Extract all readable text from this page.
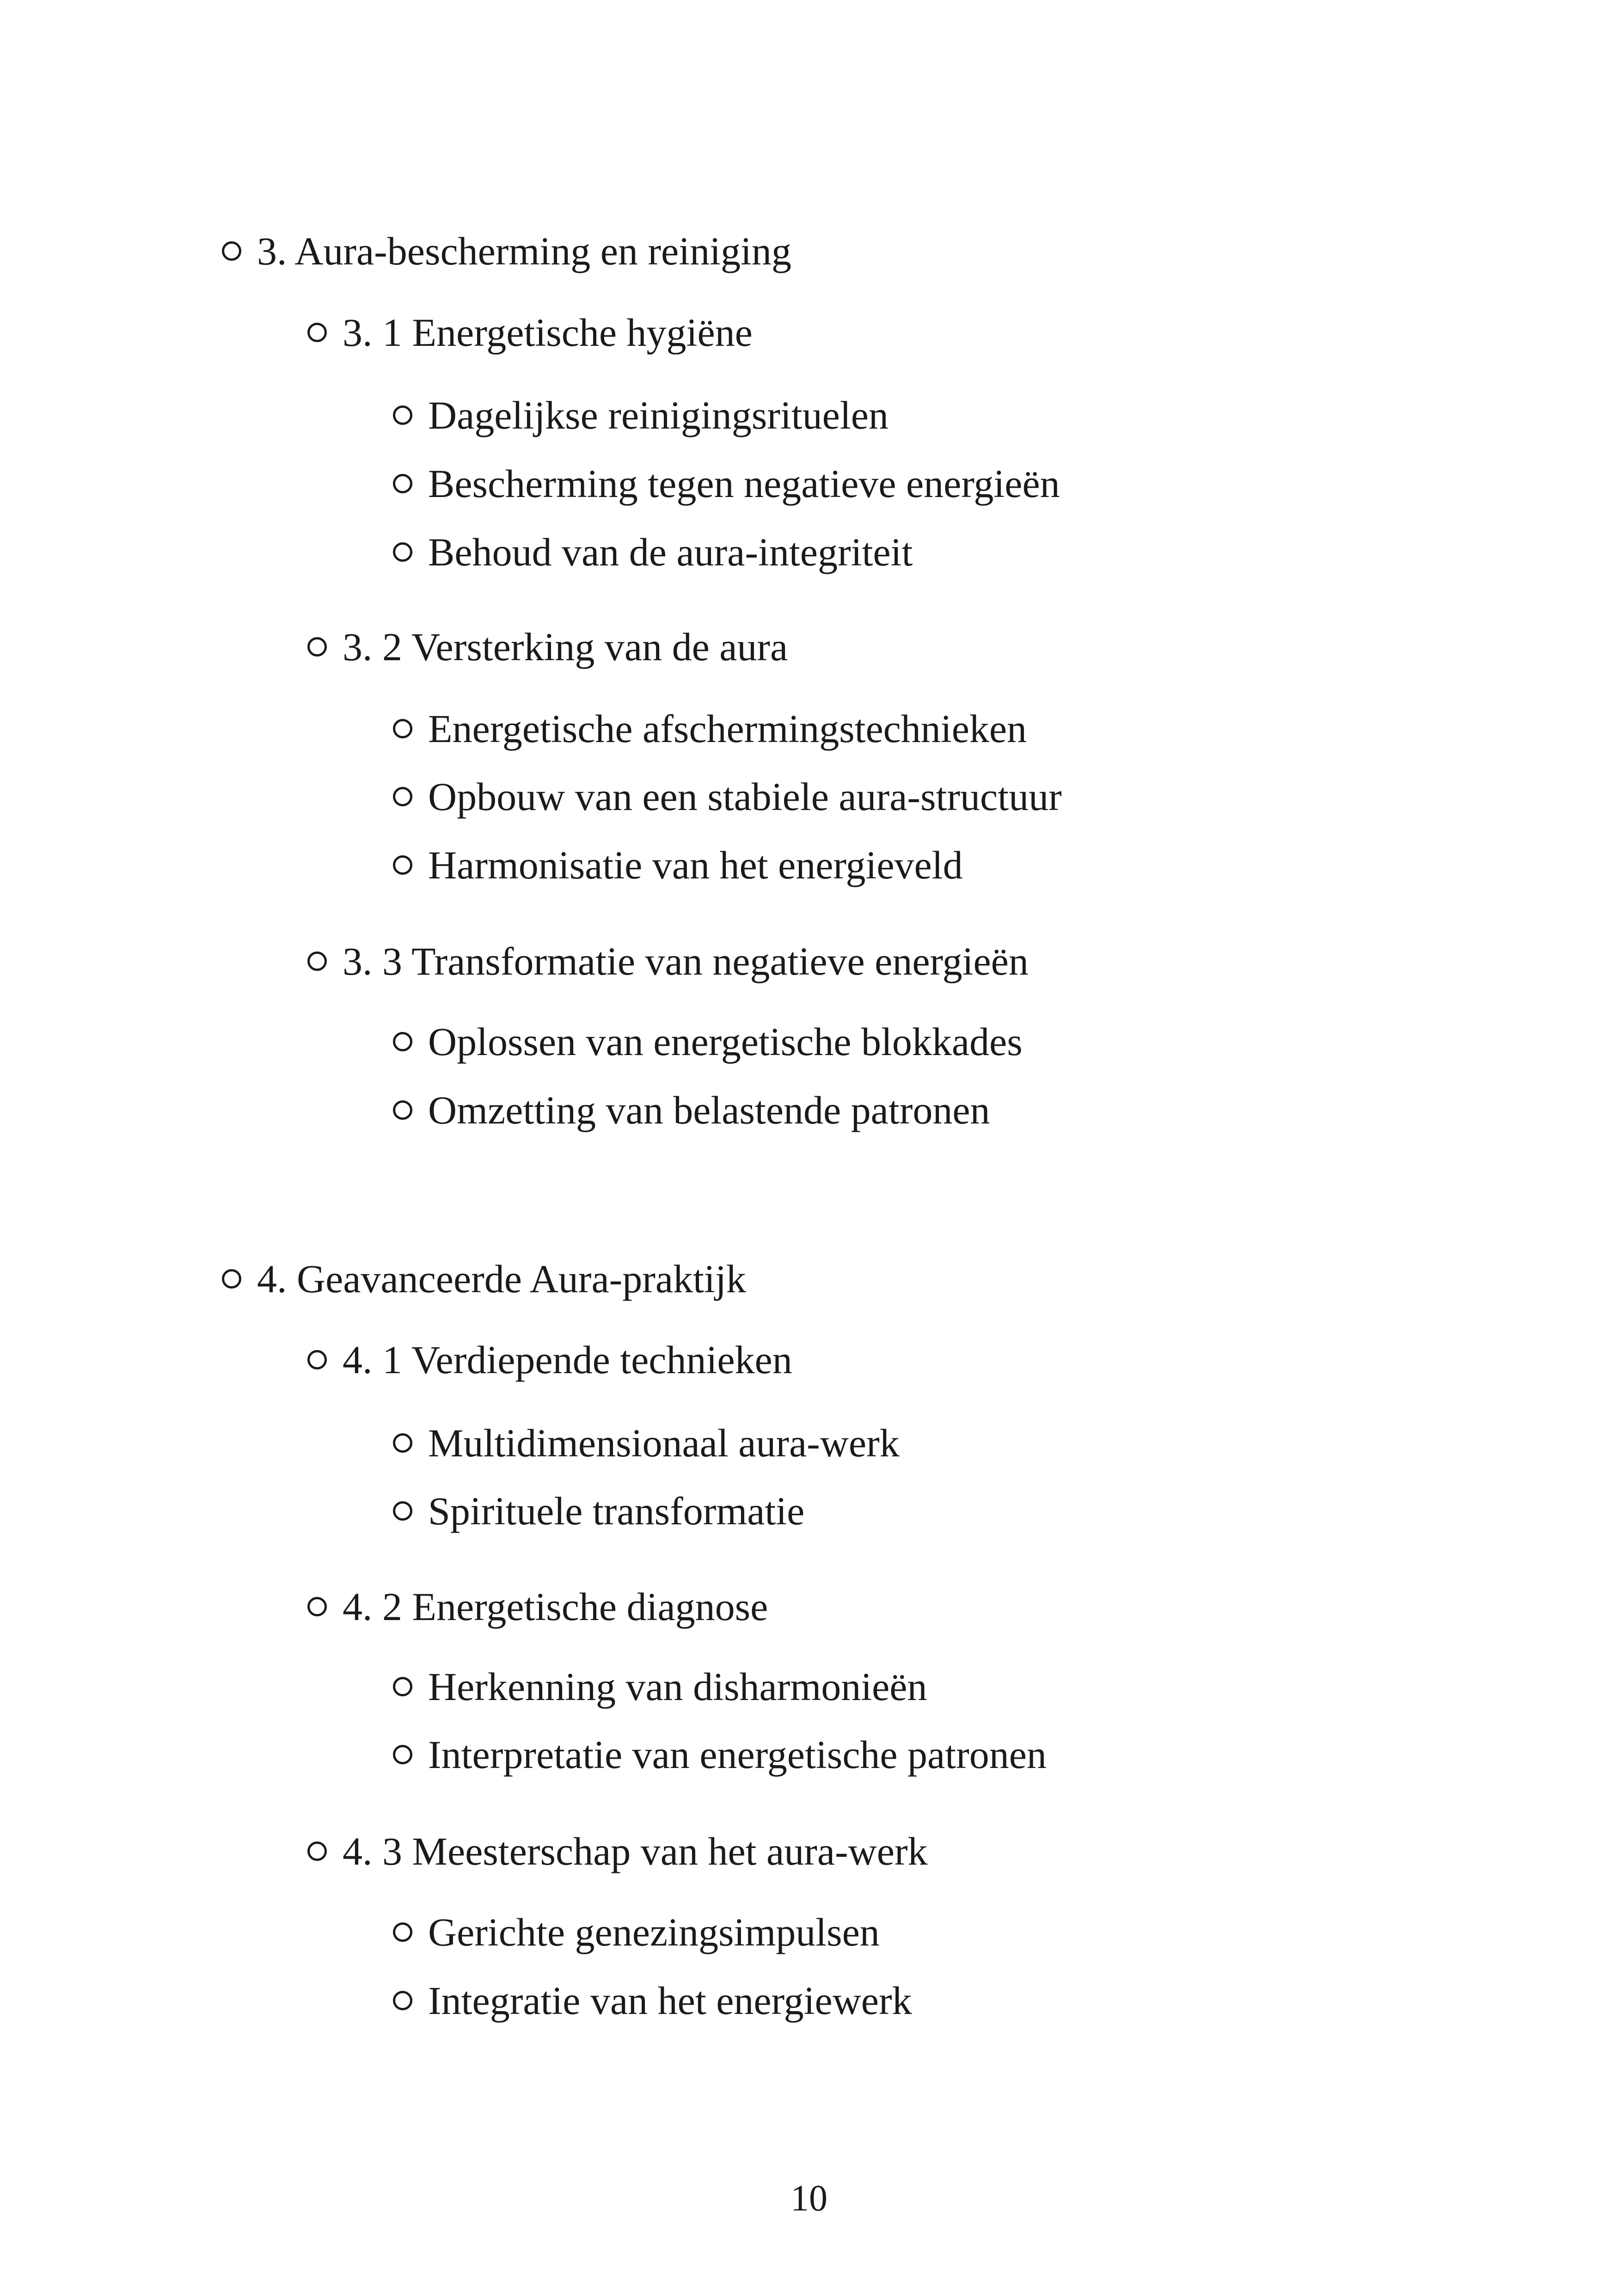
3. Aura-bescherming en reiniging
3. 1 Energetische hygiëne
Dagelijkse reinigingsrituelen
Bescherming tegen negatieve energieën
Behoud van de aura-integriteit
3. 2 Versterking van de aura
Energetische afschermingstechnieken
Opbouw van een stabiele aura-structuur
Harmonisatie van het energieveld
3. 3 Transformatie van negatieve energieën
Oplossen van energetische blokkades
Omzetting van belastende patronen
4. Geavanceerde Aura-praktijk
4. 1 Verdiepende technieken
Multidimensionaal aura-werk
Spirituele transformatie
4. 2 Energetische diagnose
Herkenning van disharmonieën
Interpretatie van energetische patronen
4. 3 Meesterschap van het aura-werk
Gerichte genezingsimpulsen
Integratie van het energiewerk
10
